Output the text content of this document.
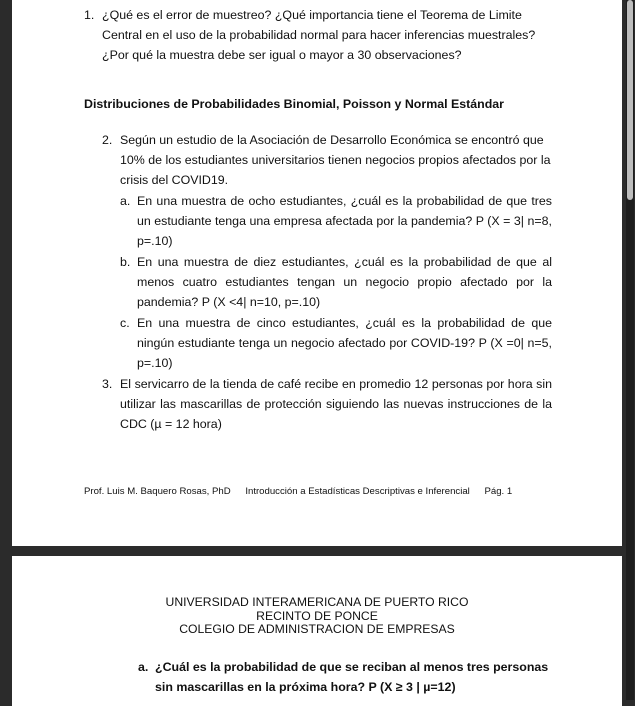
1. ¿Qué es el error de muestreo? ¿Qué importancia tiene el Teorema de Limite Central en el uso de la probabilidad normal para hacer inferencias muestrales? ¿Por qué la muestra debe ser igual o mayor a 30 observaciones?
Distribuciones de Probabilidades Binomial, Poisson y Normal Estándar
2. Según un estudio de la Asociación de Desarrollo Económica se encontró que 10% de los estudiantes universitarios tienen negocios propios afectados por la crisis del COVID19.
a. En una muestra de ocho estudiantes, ¿cuál es la probabilidad de que tres un estudiante tenga una empresa afectada por la pandemia? P (X = 3| n=8, p=.10)
b. En una muestra de diez estudiantes, ¿cuál es la probabilidad de que al menos cuatro estudiantes tengan un negocio propio afectado por la pandemia? P (X <4| n=10, p=.10)
c. En una muestra de cinco estudiantes, ¿cuál es la probabilidad de que ningún estudiante tenga un negocio afectado por COVID-19? P (X =0| n=5, p=.10)
3. El servicarro de la tienda de café recibe en promedio 12 personas por hora sin utilizar las mascarillas de protección siguiendo las nuevas instrucciones de la CDC (µ = 12 hora)
Prof. Luis M. Baquero Rosas, PhD Introducción a Estadísticas Descriptivas e Inferencial Pág. 1
UNIVERSIDAD INTERAMERICANA DE PUERTO RICO
RECINTO DE PONCE
COLEGIO DE ADMINISTRACION DE EMPRESAS
a. ¿Cuál es la probabilidad de que se reciban al menos tres personas sin mascarillas en la próxima hora? P (X ≥ 3 | µ=12)
